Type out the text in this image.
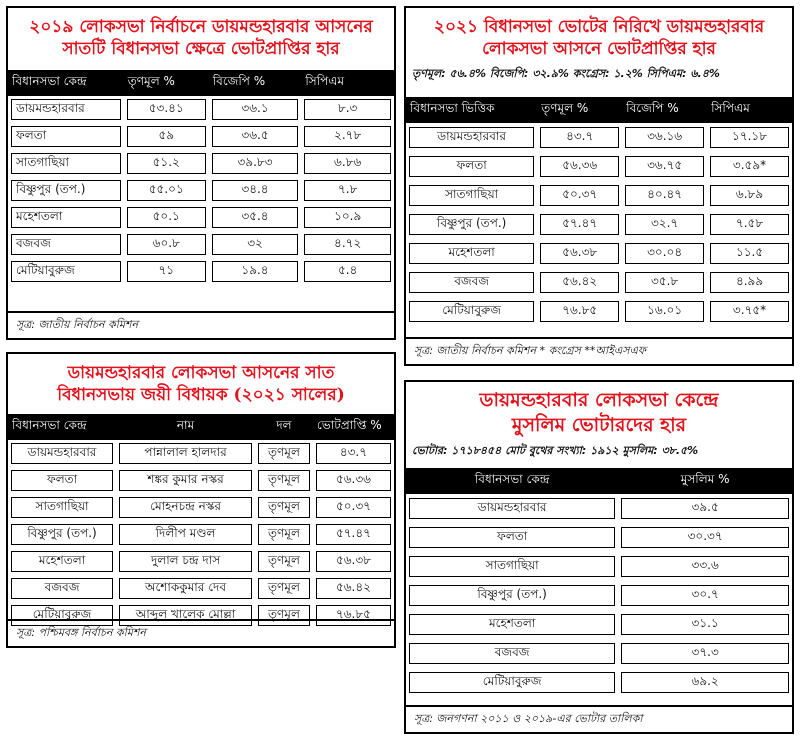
২০১৯ লোকসভা নির্বাচনে ডায়মন্ডহারবার আসনের
সাতটি বিধানসভা ক্ষেত্রে ভোটপ্রাপ্তির হার
বিধানসভা কেন্দ্র	তৃণমূল %	বিজেপি %	সিপিএম

ডায়মন্ডহারবার	৫৩.৪১	৩৬.১	৮.৩

ফলতা	৫৯	৩৬.৫	২.৭৮

সাতগাছিয়া	৫১.২	৩৯.৮৩	৬.৮৬

বিষ্ণুপুর (তপ.)	৫৫.০১	৩৪.৪	৭.৮

মহেশতলা	৫০.১	৩৫.৪	১০.৯

বজবজ	৬০.৮	৩২	৪.৭২

মেটিয়াবুরুজ	৭১	১৯.৪	৫.৪
সূত্র: জাতীয় নির্বাচন কমিশন
২০২১ বিধানসভা ভোটের নিরিখে ডায়মন্ডহারবার
লোকসভা আসনে ভোটপ্রাপ্তির হার
তৃণমূল: ৫৬.৪% বিজেপি: ৩২.৯% কংগ্রেস: ১.২% সিপিএম: ৬.৪%
বিধানসভা ভিত্তিক	তৃণমূল %	বিজেপি %	সিপিএম

ডায়মন্ডহারবার	৪৩.৭	৩৬.১৬	১৭.১৮

ফলতা	৫৬.৩৬	৩৬.৭৫	৩.৫৯*

সাতগাছিয়া	৫০.৩৭	৪০.৪৭	৬.৮৯

বিষ্ণুপুর (তপ.)	৫৭.৪৭	৩২.৭	৭.৫৮

মহেশতলা	৫৬.৩৮	৩০.০৪	১১.৫

বজবজ	৫৬.৪২	৩৫.৮	৪.৯৯

মেটিয়াবুরুজ	৭৬.৮৫	১৬.০১	৩.৭৫*
সূত্র: জাতীয় নির্বাচন কমিশন * কংগ্রেস **আইএসএফ
ডায়মন্ডহারবার লোকসভা আসনের সাত
বিধানসভায় জয়ী বিধায়ক (২০২১ সালের)
বিধানসভা কেন্দ্র	নাম	দল	ভোটপ্রাপ্তি %

ডায়মন্ডহারবার	পান্নালাল হালদার	তৃণমূল	৪৩.৭

ফলতা	শঙ্কর কুমার নস্কর	তৃণমূল	৫৬.৩৬

সাতগাছিয়া	মোহনচন্দ্র নস্কর	তৃণমূল	৫০.৩৭

বিষ্ণুপুর (তপ.)	দিলীপ মণ্ডল	তৃণমূল	৫৭.৪৭

মহেশতলা	দুলাল চন্দ্র দাস	তৃণমূল	৫৬.৩৮

বজবজ	অশোককুমার দেব	তৃণমূল	৫৬.৪২

মেটিয়াবুরুজ	আব্দুল খালেক মোল্লা	তৃণমূল	৭৬.৮৫
সূত্র: পশ্চিমবঙ্গ নির্বাচন কমিশন
ডায়মন্ডহারবার লোকসভা কেন্দ্রে
মুসলিম ভোটারদের হার
ভোটার: ১৭১৮৪৫৪ মোট বুথের সংখ্যা: ১৯১২ মুসলিম: ৩৮.৫%
বিধানসভা কেন্দ্র	মুসলিম %

ডায়মন্ডহারবার	৩৯.৫

ফলতা	৩০.৩৭

সাতগাছিয়া	৩৩.৬

বিষ্ণুপুর (তপ.)	৩০.৭

মহেশতলা	৩১.১

বজবজ	৩৭.৩

মেটিয়াবুরুজ	৬৯.২
সূত্র: জনগণনা ২০১১ ও ২০১৯-এর ভোটার তালিকা
